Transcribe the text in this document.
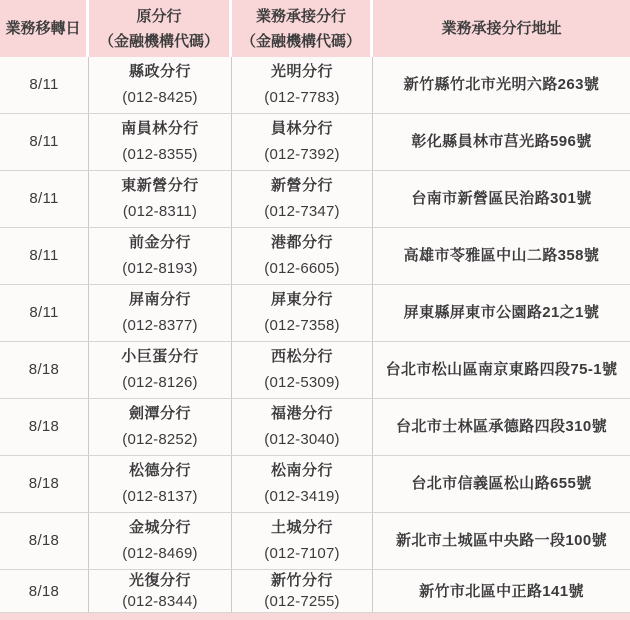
業務移轉日
原分行
（金融機構代碼）
業務承接分行
（金融機構代碼）
業務承接分行地址
8/11
縣政分行
(012-8425)
光明分行
(012-7783)
新竹縣竹北市光明六路263號
8/11
南員林分行
(012-8355)
員林分行
(012-7392)
彰化縣員林市莒光路596號
8/11
東新營分行
(012-8311)
新營分行
(012-7347)
台南市新營區民治路301號
8/11
前金分行
(012-8193)
港都分行
(012-6605)
高雄市苓雅區中山二路358號
8/11
屏南分行
(012-8377)
屏東分行
(012-7358)
屏東縣屏東市公園路21之1號
8/18
小巨蛋分行
(012-8126)
西松分行
(012-5309)
台北市松山區南京東路四段75-1號
8/18
劍潭分行
(012-8252)
福港分行
(012-3040)
台北市士林區承德路四段310號
8/18
松德分行
(012-8137)
松南分行
(012-3419)
台北市信義區松山路655號
8/18
金城分行
(012-8469)
土城分行
(012-7107)
新北市土城區中央路一段100號
8/18
光復分行
(012-8344)
新竹分行
(012-7255)
新竹市北區中正路141號
